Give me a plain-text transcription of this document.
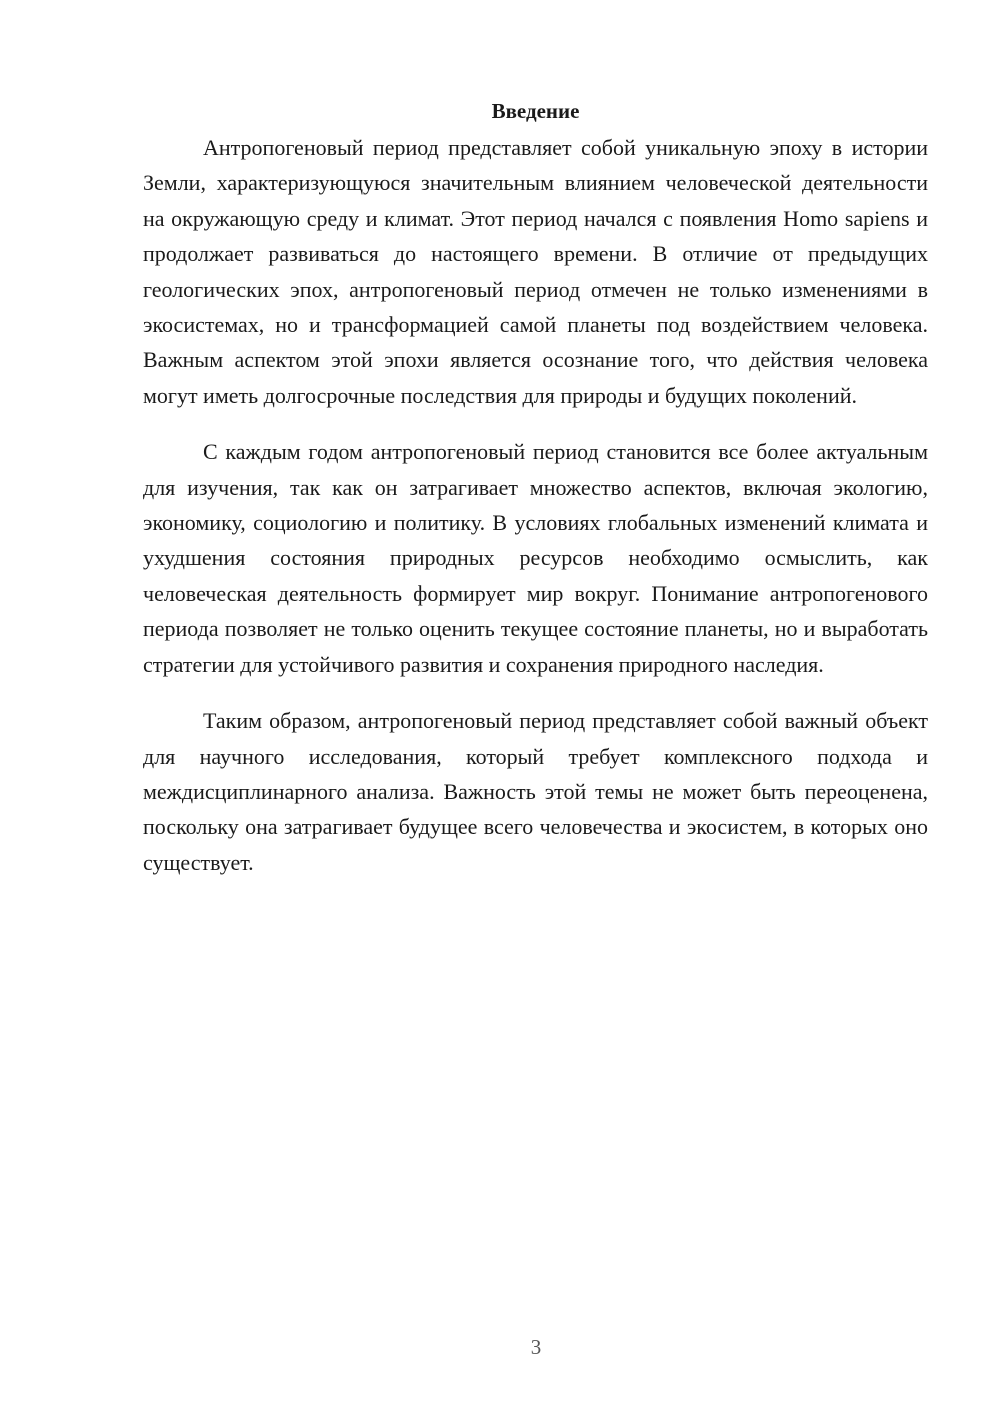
Введение

Антропогеновый период представляет собой уникальную эпоху в истории Земли, характеризующуюся значительным влиянием человеческой деятельности на окружающую среду и климат. Этот период начался с появления Homo sapiens и продолжает развиваться до настоящего времени. В отличие от предыдущих геологических эпох, антропогеновый период отмечен не только изменениями в экосистемах, но и трансформацией самой планеты под воздействием человека. Важным аспектом этой эпохи является осознание того, что действия человека могут иметь долгосрочные последствия для природы и будущих поколений.

С каждым годом антропогеновый период становится все более актуальным для изучения, так как он затрагивает множество аспектов, включая экологию, экономику, социологию и политику. В условиях глобальных изменений климата и ухудшения состояния природных ресурсов необходимо осмыслить, как человеческая деятельность формирует мир вокруг. Понимание антропогенового периода позволяет не только оценить текущее состояние планеты, но и выработать стратегии для устойчивого развития и сохранения природного наследия.

Таким образом, антропогеновый период представляет собой важный объект для научного исследования, который требует комплексного подхода и междисциплинарного анализа. Важность этой темы не может быть переоценена, поскольку она затрагивает будущее всего человечества и экосистем, в которых оно существует.

3
